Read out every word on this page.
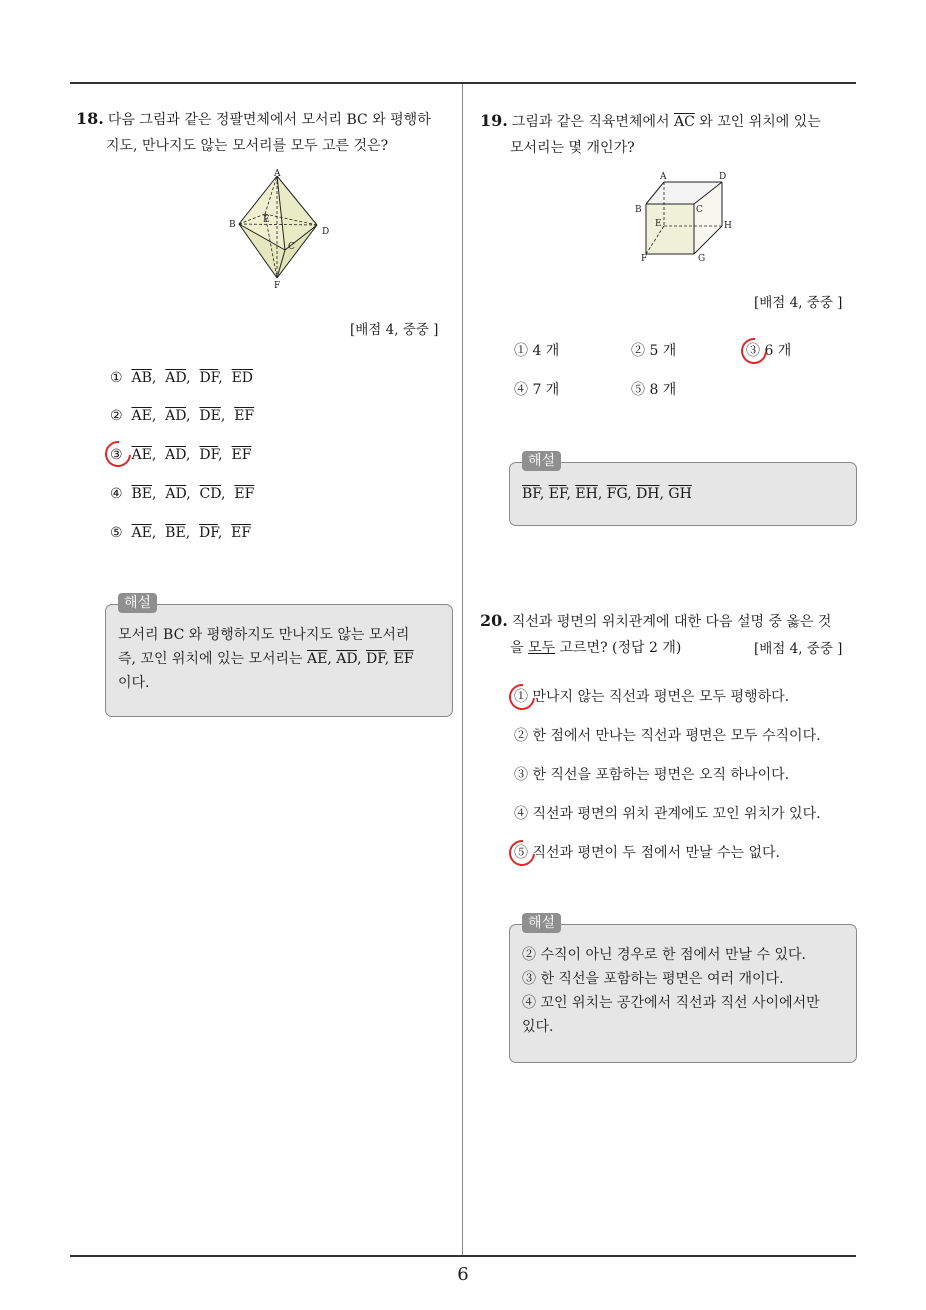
6
18. 다음 그림과 같은 정팔면체에서 모서리 BC 와 평행하
지도, 만나지도 않는 모서리를 모두 고른 것은?
A
B
C
D
E
F
[배점 4, 중중 ]
① $\overline{AB}$,  $\overline{AD}$,  $\overline{DF}$,  $\overline{ED}$
② $\overline{AE}$,  $\overline{AD}$,  $\overline{DE}$,  $\overline{EF}$
③ $\overline{AE}$,  $\overline{AD}$,  $\overline{DF}$,  $\overline{EF}$
④ $\overline{BE}$,  $\overline{AD}$,  $\overline{CD}$,  $\overline{EF}$
⑤ $\overline{AE}$,  $\overline{BE}$,  $\overline{DF}$,  $\overline{EF}$
해설
모서리 BC 와 평행하지도 만나지도 않는 모서리
즉, 꼬인 위치에 있는 모서리는 $\overline{AE}$, $\overline{AD}$, $\overline{DF}$, $\overline{EF}$
이다.
19. 그림과 같은 직육면체에서 $\overline{AC}$ 와 꼬인 위치에 있는
모서리는 몇 개인가?
A	D
B	C
E	H
F	G
[배점 4, 중중 ]
① 4 개	② 5 개	③ 6 개
④ 7 개	⑤ 8 개
해설
$\overline{BF}$, $\overline{EF}$, $\overline{EH}$, $\overline{FG}$, $\overline{DH}$, $\overline{GH}$
20. 직선과 평면의 위치관계에 대한 다음 설명 중 옳은 것
을 모두 고르면? (정답 2 개)	[배점 4, 중중 ]
① 만나지 않는 직선과 평면은 모두 평행하다.
② 한 점에서 만나는 직선과 평면은 모두 수직이다.
③ 한 직선을 포함하는 평면은 오직 하나이다.
④ 직선과 평면의 위치 관계에도 꼬인 위치가 있다.
⑤ 직선과 평면이 두 점에서 만날 수는 없다.
해설
② 수직이 아닌 경우로 한 점에서 만날 수 있다.
③ 한 직선을 포함하는 평면은 여러 개이다.
④ 꼬인 위치는 공간에서 직선과 직선 사이에서만
있다.
